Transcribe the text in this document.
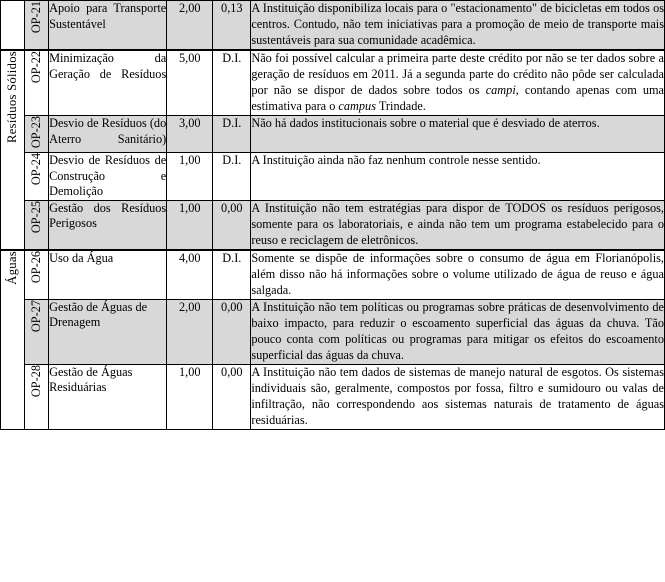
	OP-21	Apoio para Transporte Sustentável	2,00	0,13	A Instituição disponibiliza locais para o "estacionamento" de bicicletas em todos os centros. Contudo, não tem iniciativas para a promoção de meio de transporte mais sustentáveis para sua comunidade acadêmica.
Resíduos Sólidos	OP-22	Minimização da Geração de Resíduos	5,00	D.I.	Não foi possível calcular a primeira parte deste crédito por não se ter dados sobre a geração de resíduos em 2011. Já a segunda parte do crédito não pôde ser calculada por não se dispor de dados sobre todos os campi, contando apenas com uma estimativa para o campus Trindade.
	OP-23	Desvio de Resíduos (do Aterro Sanitário)	3,00	D.I.	Não há dados institucionais sobre o material que é desviado de aterros.
	OP-24	Desvio de Resíduos de Construção e Demolição	1,00	D.I.	A Instituição ainda não faz nenhum controle nesse sentido.
	OP-25	Gestão dos Resíduos Perigosos	1,00	0,00	A Instituição não tem estratégias para dispor de TODOS os resíduos perigosos, somente para os laboratoriais, e ainda não tem um programa estabelecido para o reuso e reciclagem de eletrônicos.
Águas	OP-26	Uso da Água	4,00	D.I.	Somente se dispõe de informações sobre o consumo de água em Florianópolis, além disso não há informações sobre o volume utilizado de água de reuso e água salgada.
	OP-27	Gestão de Águas de Drenagem	2,00	0,00	A Instituição não tem políticas ou programas sobre práticas de desenvolvimento de baixo impacto, para reduzir o escoamento superficial das águas da chuva. Tão pouco conta com políticas ou programas para mitigar os efeitos do escoamento superficial das águas da chuva.
	OP-28	Gestão de Águas Residuárias	1,00	0,00	A Instituição não tem dados de sistemas de manejo natural de esgotos. Os sistemas individuais são, geralmente, compostos por fossa, filtro e sumidouro ou valas de infiltração, não correspondendo aos sistemas naturais de tratamento de águas residuárias.
